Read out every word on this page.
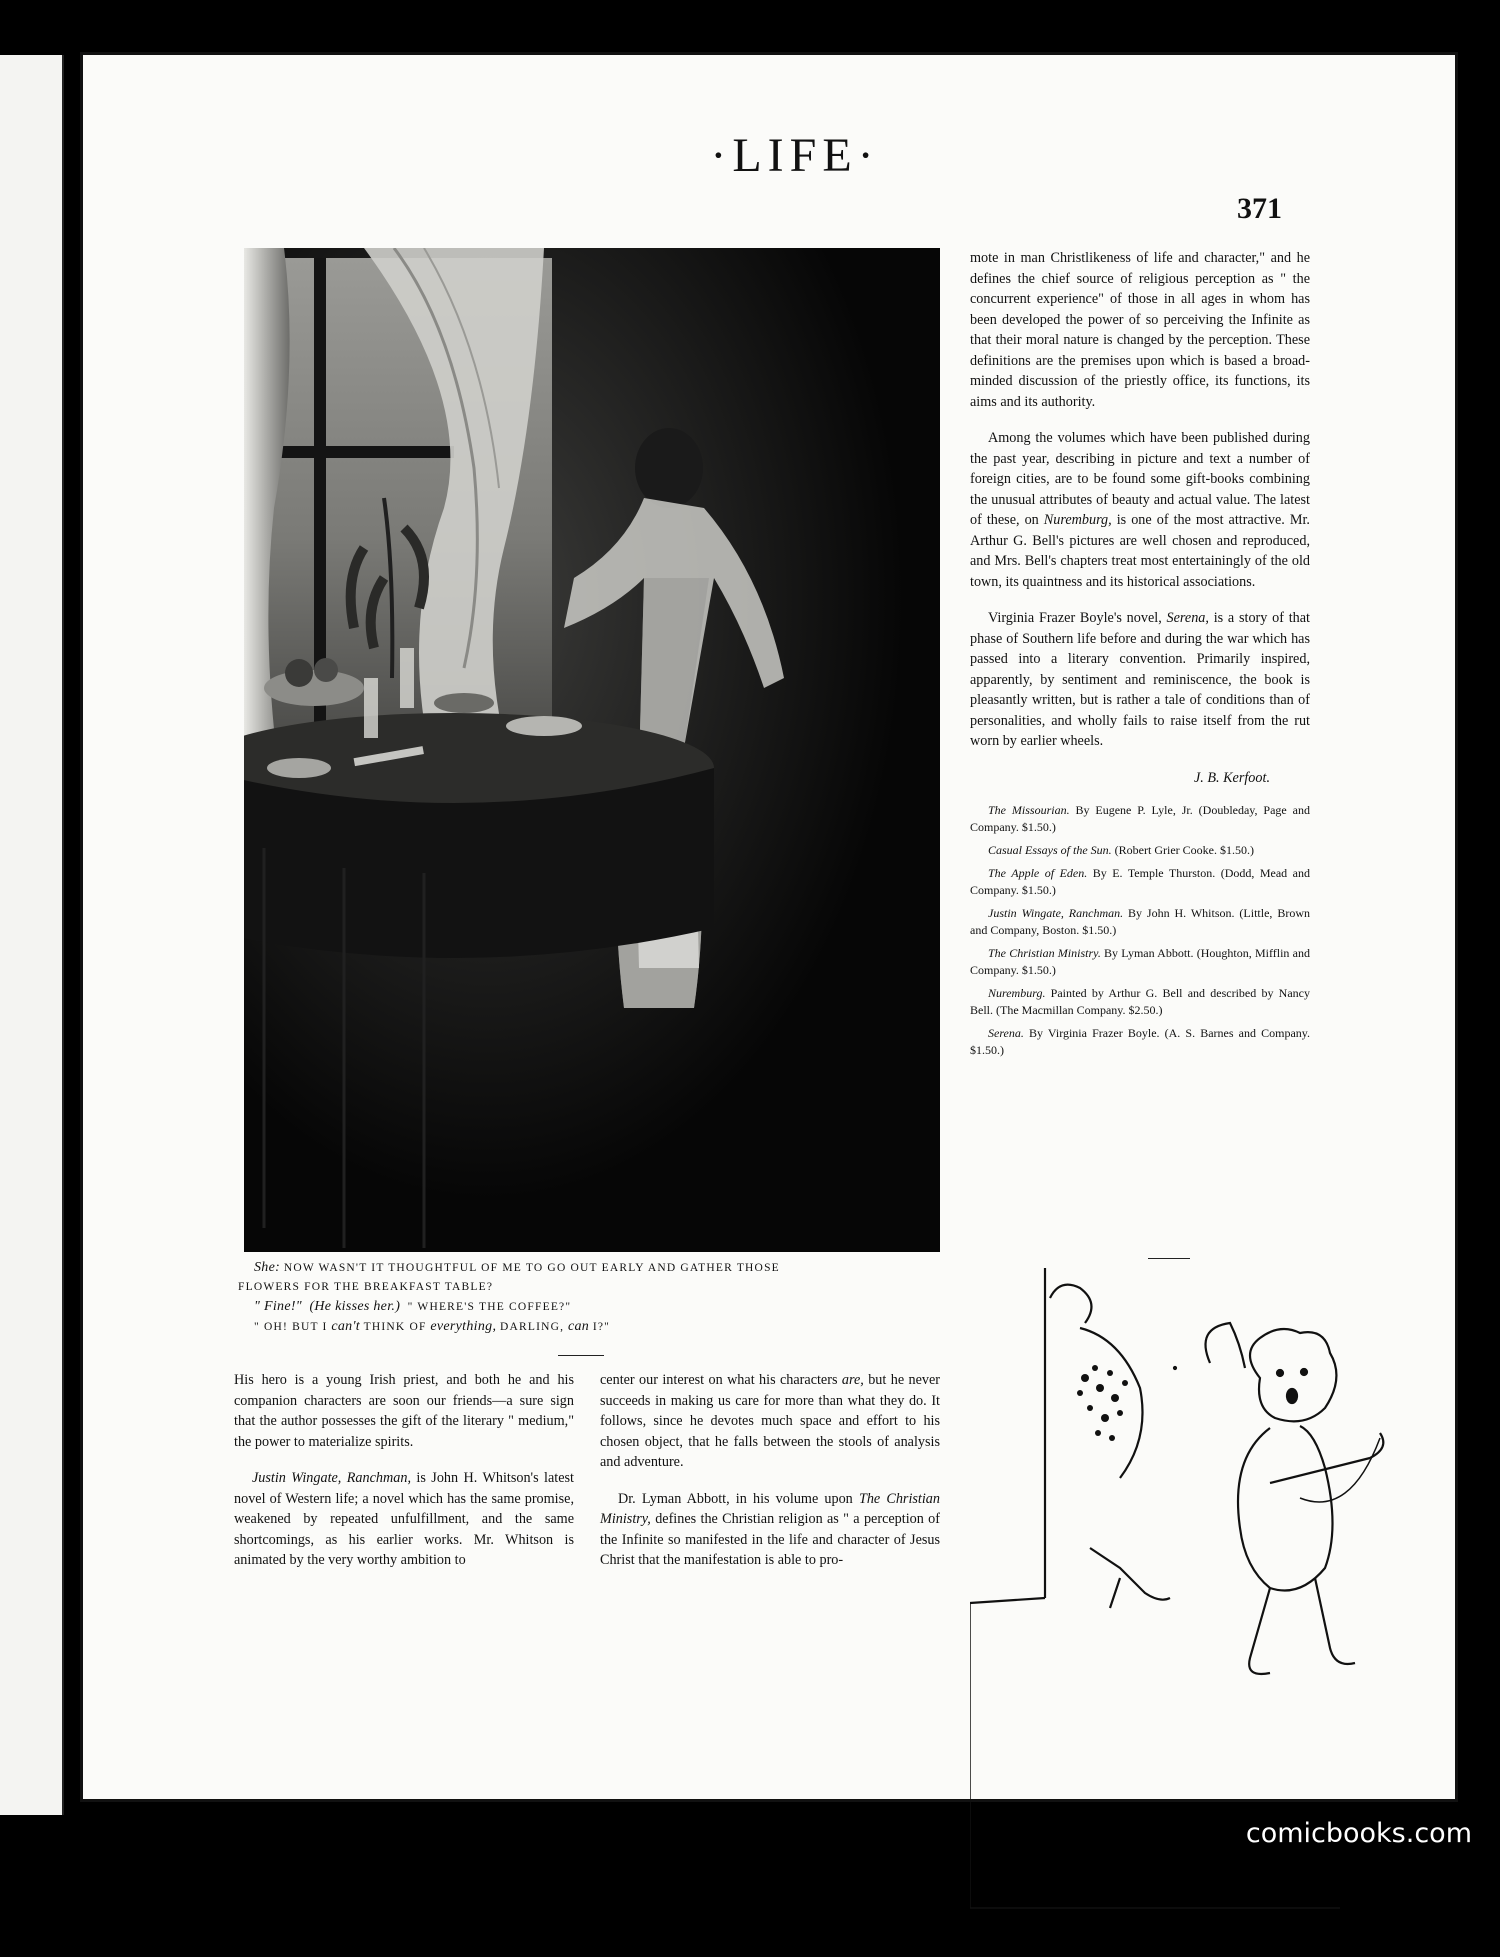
·LIFE·
371
She: NOW WASN'T IT THOUGHTFUL OF ME TO GO OUT EARLY AND GATHER THOSE
FLOWERS FOR THE BREAKFAST TABLE?
" Fine!" (He kisses her.) " WHERE'S THE COFFEE?"
" OH! BUT I can't THINK OF everything, DARLING, can I?"

His hero is a young Irish priest, and both he and his companion characters are soon our friends—a sure sign that the author possesses the gift of the literary " medium," the power to materialize spirits.

Justin Wingate, Ranchman, is John H. Whitson's latest novel of Western life; a novel which has the same promise, weakened by repeated unfulfillment, and the same shortcomings, as his earlier works. Mr. Whitson is animated by the very worthy ambition to

center our interest on what his characters are, but he never succeeds in making us care for more than what they do. It follows, since he devotes much space and effort to his chosen object, that he falls between the stools of analysis and adventure.

Dr. Lyman Abbott, in his volume upon The Christian Ministry, defines the Christian religion as " a perception of the Infinite so manifested in the life and character of Jesus Christ that the manifestation is able to pro-

mote in man Christlikeness of life and character," and he defines the chief source of religious perception as " the concurrent experience" of those in all ages in whom has been developed the power of so perceiving the Infinite as that their moral nature is changed by the perception. These definitions are the premises upon which is based a broad-minded discussion of the priestly office, its functions, its aims and its authority.

Among the volumes which have been published during the past year, describing in picture and text a number of foreign cities, are to be found some gift-books combining the unusual attributes of beauty and actual value. The latest of these, on Nuremburg, is one of the most attractive. Mr. Arthur G. Bell's pictures are well chosen and reproduced, and Mrs. Bell's chapters treat most entertainingly of the old town, its quaintness and its historical associations.

Virginia Frazer Boyle's novel, Serena, is a story of that phase of Southern life before and during the war which has passed into a literary convention. Primarily inspired, apparently, by sentiment and reminiscence, the book is pleasantly written, but is rather a tale of conditions than of personalities, and wholly fails to raise itself from the rut worn by earlier wheels.

J. B. Kerfoot.
The Missourian. By Eugene P. Lyle, Jr. (Doubleday, Page and Company. $1.50.)
Casual Essays of the Sun. (Robert Grier Cooke. $1.50.)
The Apple of Eden. By E. Temple Thurston. (Dodd, Mead and Company. $1.50.)
Justin Wingate, Ranchman. By John H. Whitson. (Little, Brown and Company, Boston. $1.50.)
The Christian Ministry. By Lyman Abbott. (Houghton, Mifflin and Company. $1.50.)
Nuremburg. Painted by Arthur G. Bell and described by Nancy Bell. (The Macmillan Company. $2.50.)
Serena. By Virginia Frazer Boyle. (A. S. Barnes and Company. $1.50.)
" IT'S THE UNEXPECTED THAT HAPPENS."
comicbooks.com
